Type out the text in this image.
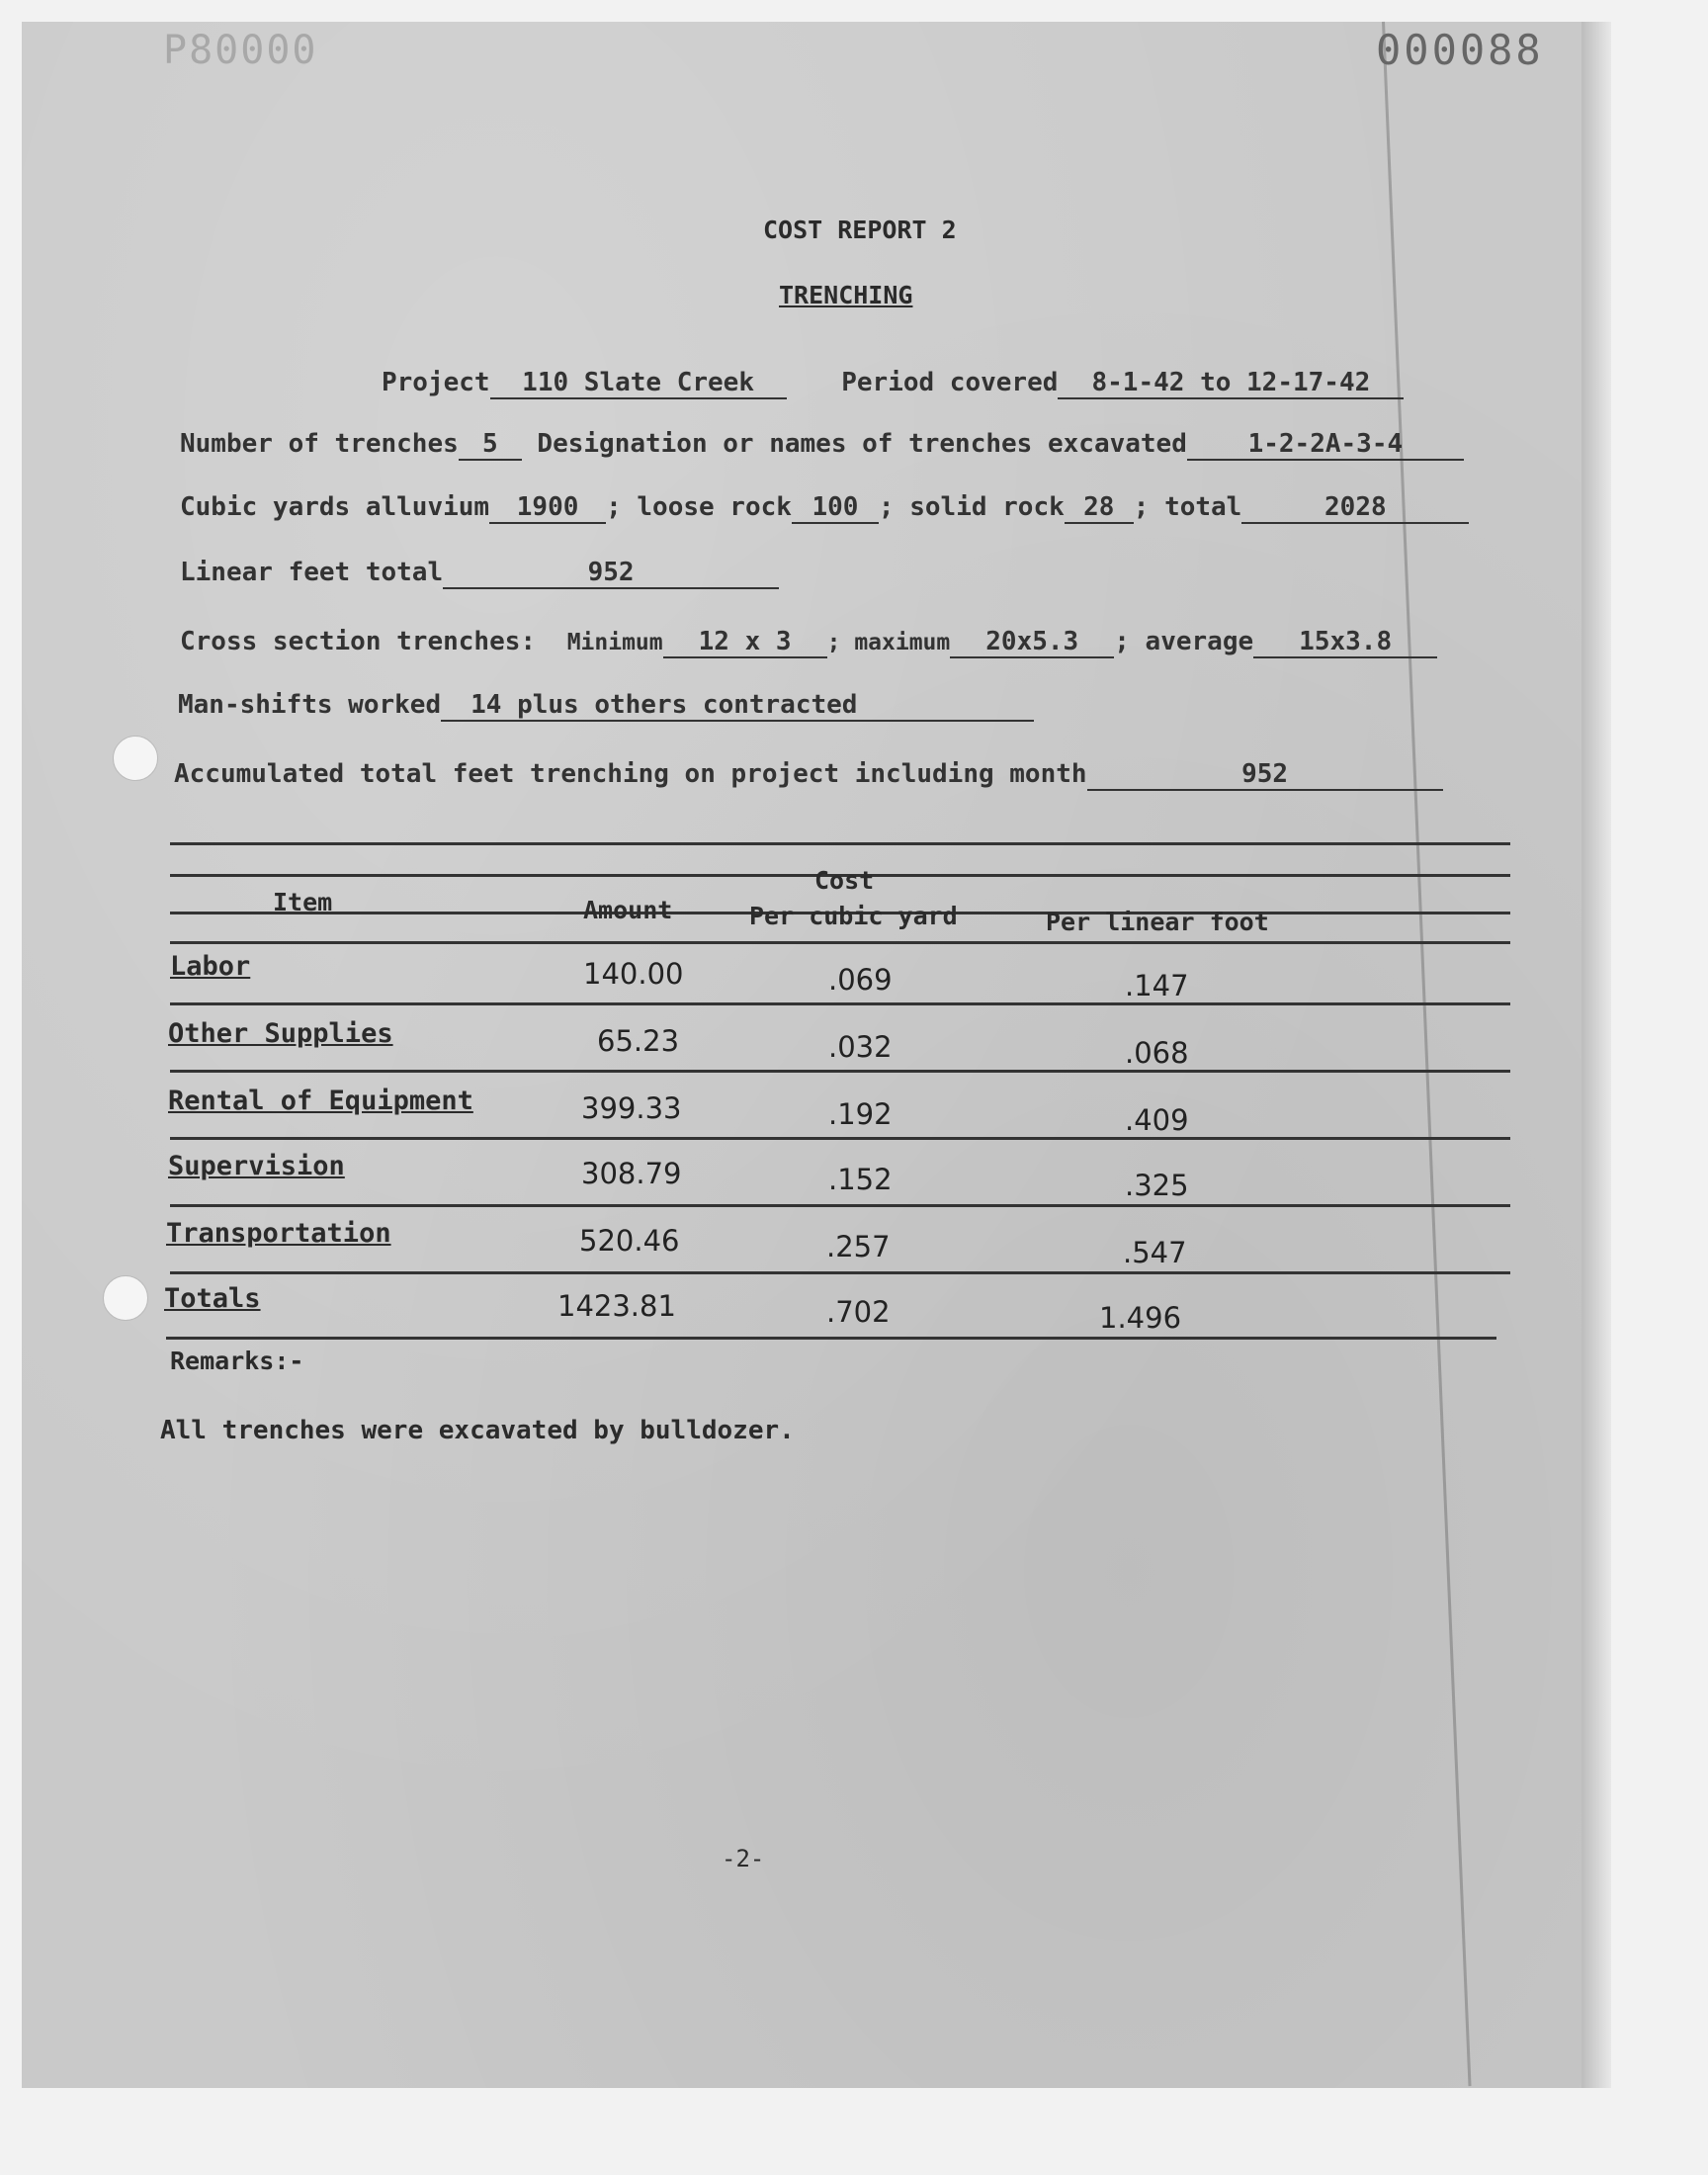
P80000	000088
COST REPORT 2
TRENCHING
Project 110 Slate Creek	Period covered 8-1-42 to 12-17-42
Number of trenches 5 Designation or names of trenches excavated 1-2-2A-3-4
Cubic yards alluvium 1900 ; loose rock 100 ; solid rock 28 ; total	2028
Linear feet total	952
Cross section trenches: Minimum 12 x 3 ; maximum 20x5.3 ; average 15x3.8
Man-shifts worked 14 plus others contracted
Accumulated total feet trenching on project including month	952
Cost
Item	Amount	Per cubic yard	Per linear foot
Labor	140.00	.069	.147
Other Supplies	65.23	.032	.068
Rental of Equipment	399.33	.192	.409
Supervision	308.79	.152	.325
Transportation	520.46	.257	.547
Totals	1423.81	.702	1.496
Remarks:-
All trenches were excavated by bulldozer.
-2-
